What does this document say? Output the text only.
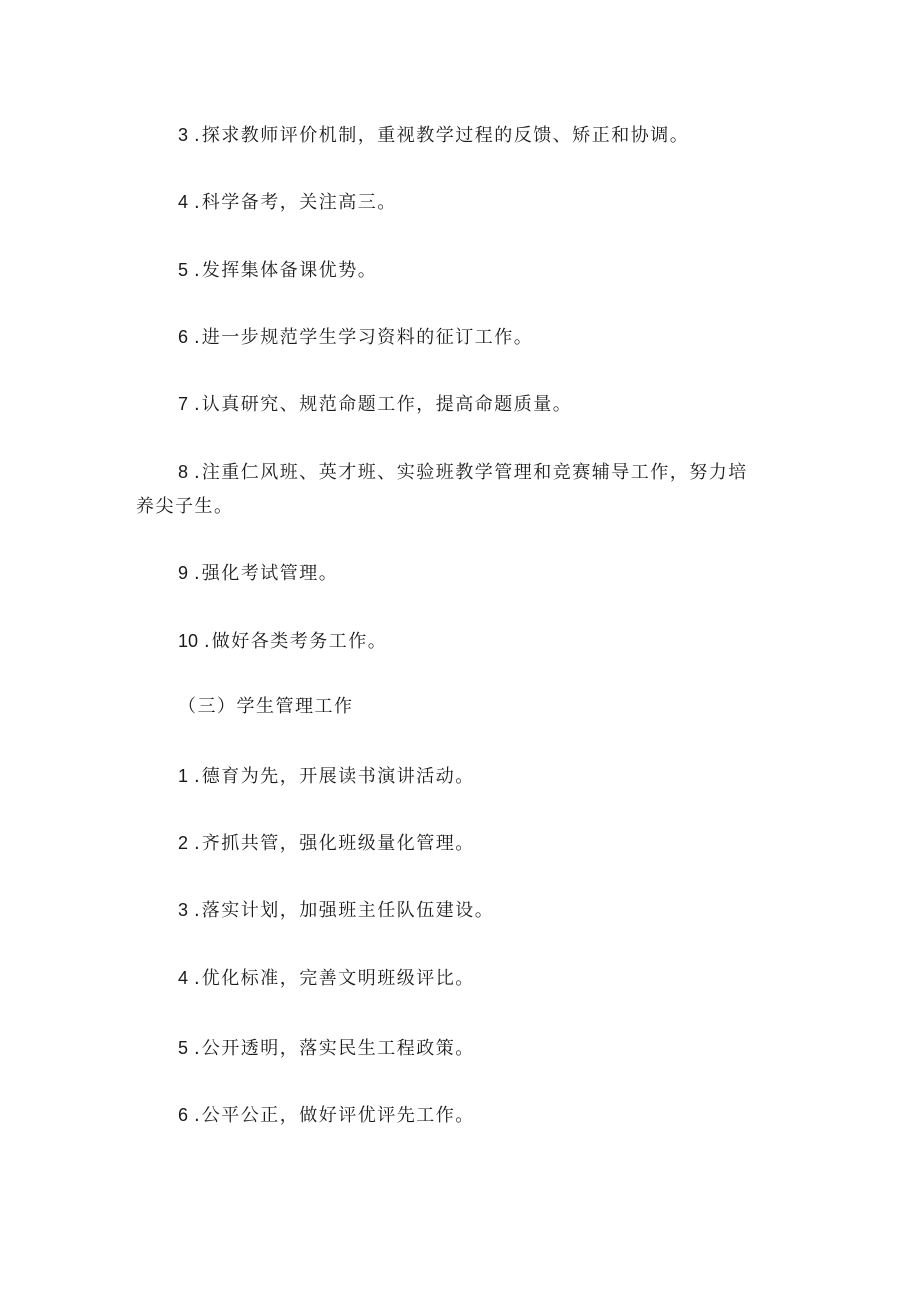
3 . 探求教师评价机制，重视教学过程的反馈、矫正和协调。
4 . 科学备考，关注高三。
5 . 发挥集体备课优势。
6 . 进一步规范学生学习资料的征订工作。
7 . 认真研究、规范命题工作，提高命题质量。
8 . 注重仁风班、英才班、实验班教学管理和竞赛辅导工作，努力培
养尖子生。
9 . 强化考试管理。
10 . 做好各类考务工作。
（三）学生管理工作
1 . 德育为先，开展读书演讲活动。
2 . 齐抓共管，强化班级量化管理。
3 . 落实计划，加强班主任队伍建设。
4 . 优化标准，完善文明班级评比。
5 . 公开透明，落实民生工程政策。
6 . 公平公正，做好评优评先工作。
